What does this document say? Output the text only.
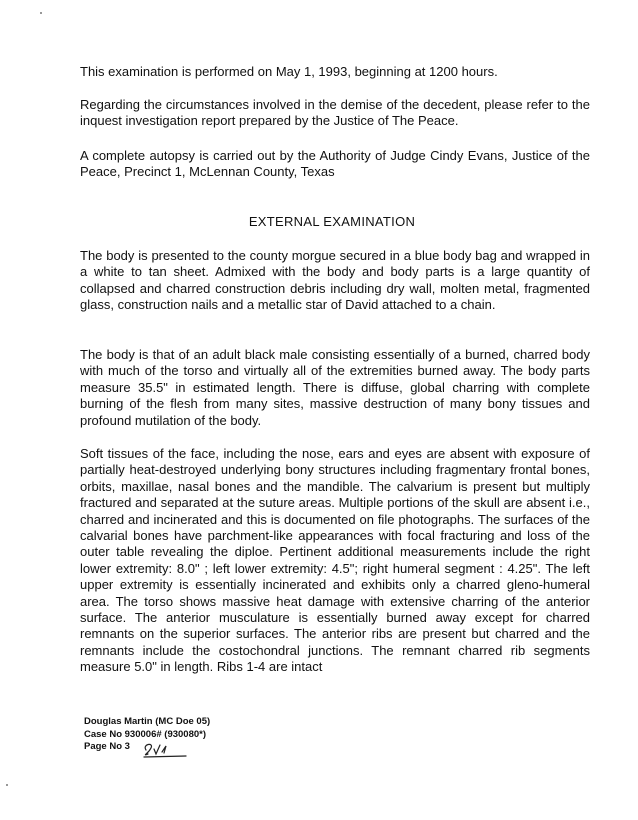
This examination is performed on May 1, 1993, beginning at 1200 hours.

Regarding the circumstances involved in the demise of the decedent, please refer to the inquest investigation report prepared by the Justice of The Peace.

A complete autopsy is carried out by the Authority of Judge Cindy Evans, Justice of the Peace, Precinct 1, McLennan County, Texas

EXTERNAL EXAMINATION

The body is presented to the county morgue secured in a blue body bag and wrapped in a white to tan sheet. Admixed with the body and body parts is a large quantity of collapsed and charred construction debris including dry wall, molten metal, fragmented glass, construction nails and a metallic star of David attached to a chain.

The body is that of an adult black male consisting essentially of a burned, charred body with much of the torso and virtually all of the extremities burned away. The body parts measure 35.5" in estimated length. There is diffuse, global charring with complete burning of the flesh from many sites, massive destruction of many bony tissues and profound mutilation of the body.

Soft tissues of the face, including the nose, ears and eyes are absent with exposure of partially heat-destroyed underlying bony structures including fragmentary frontal bones, orbits, maxillae, nasal bones and the mandible. The calvarium is present but multiply fractured and separated at the suture areas. Multiple portions of the skull are absent i.e., charred and incinerated and this is documented on file photographs. The surfaces of the calvarial bones have parchment-like appearances with focal fracturing and loss of the outer table revealing the diploe. Pertinent additional measurements include the right lower extremity: 8.0" ; left lower extremity: 4.5"; right humeral segment : 4.25". The left upper extremity is essentially incinerated and exhibits only a charred gleno-humeral area. The torso shows massive heat damage with extensive charring of the anterior surface. The anterior musculature is essentially burned away except for charred remnants on the superior surfaces. The anterior ribs are present but charred and the remnants include the costochondral junctions. The remnant charred rib segments measure 5.0" in length. Ribs 1-4 are intact

Douglas Martin (MC Doe 05)
Case No 930006# (930080*)
Page No 3
